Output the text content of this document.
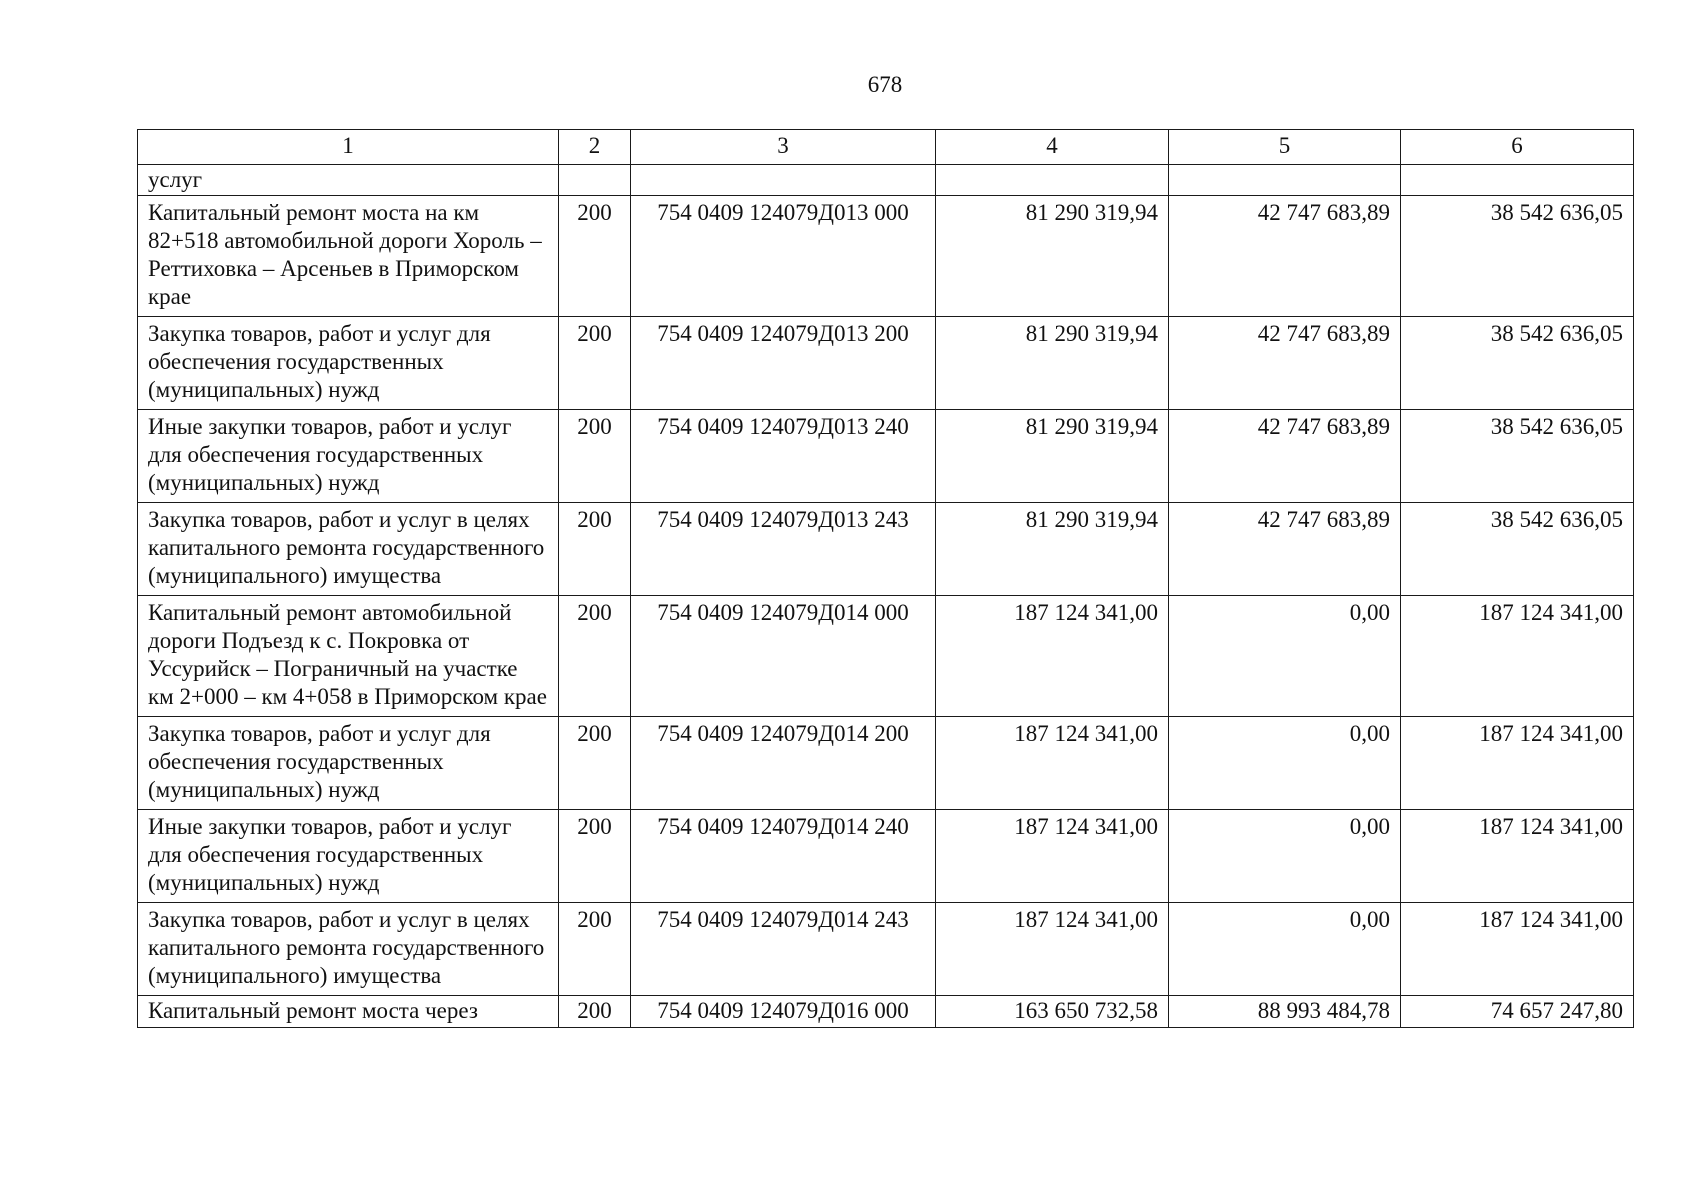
678
1	2	3	4	5	6
услуг					
Капитальный ремонт моста на км 82+518 автомобильной дороги Хороль – Реттиховка – Арсеньев в Приморском крае	200	754 0409 124079Д013 000	81 290 319,94	42 747 683,89	38 542 636,05
Закупка товаров, работ и услуг для обеспечения государственных (муниципальных) нужд	200	754 0409 124079Д013 200	81 290 319,94	42 747 683,89	38 542 636,05
Иные закупки товаров, работ и услуг для обеспечения государственных (муниципальных) нужд	200	754 0409 124079Д013 240	81 290 319,94	42 747 683,89	38 542 636,05
Закупка товаров, работ и услуг в целях капитального ремонта государственного (муниципального) имущества	200	754 0409 124079Д013 243	81 290 319,94	42 747 683,89	38 542 636,05
Капитальный ремонт автомобильной дороги Подъезд к с. Покровка от Уссурийск – Пограничный на участке км 2+000 – км 4+058 в Приморском крае	200	754 0409 124079Д014 000	187 124 341,00	0,00	187 124 341,00
Закупка товаров, работ и услуг для обеспечения государственных (муниципальных) нужд	200	754 0409 124079Д014 200	187 124 341,00	0,00	187 124 341,00
Иные закупки товаров, работ и услуг для обеспечения государственных (муниципальных) нужд	200	754 0409 124079Д014 240	187 124 341,00	0,00	187 124 341,00
Закупка товаров, работ и услуг в целях капитального ремонта государственного (муниципального) имущества	200	754 0409 124079Д014 243	187 124 341,00	0,00	187 124 341,00
Капитальный ремонт моста через	200	754 0409 124079Д016 000	163 650 732,58	88 993 484,78	74 657 247,80
